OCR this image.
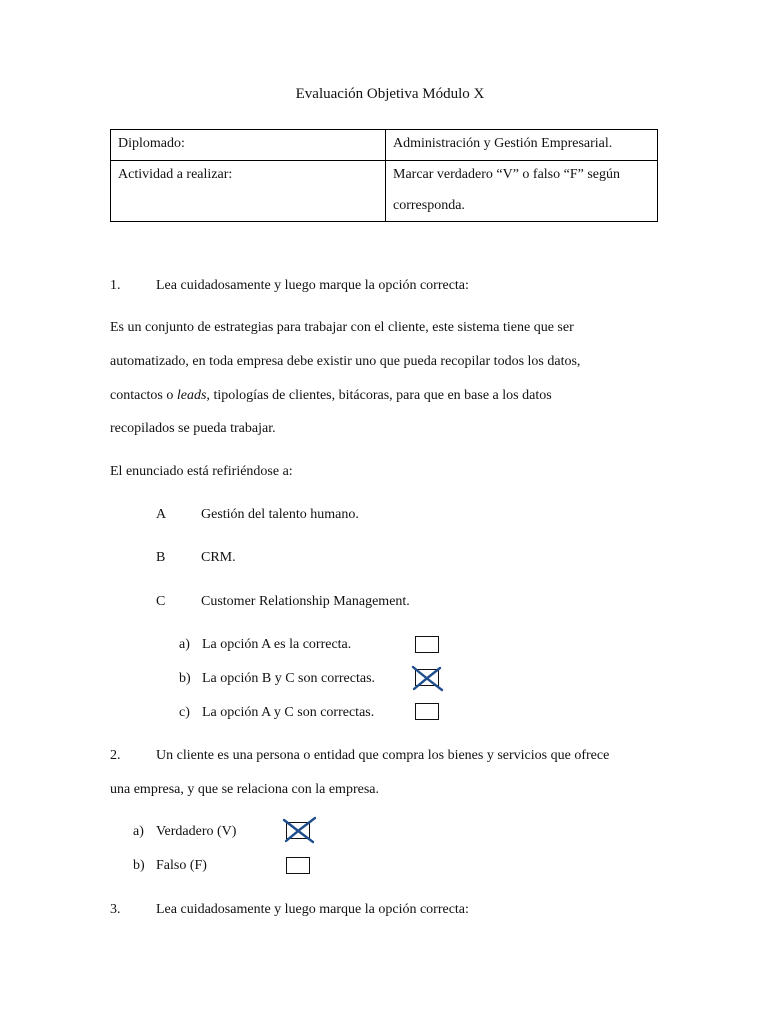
Evaluación Objetiva Módulo X
Diplomado:	Administración y Gestión Empresarial.
Actividad a realizar:	Marcar verdadero “V” o falso “F” según
corresponda.
1.	Lea cuidadosamente y luego marque la opción correcta:
Es un conjunto de estrategias para trabajar con el cliente, este sistema tiene que ser
automatizado, en toda empresa debe existir uno que pueda recopilar todos los datos,
contactos o leads, tipologías de clientes, bitácoras, para que en base a los datos
recopilados se pueda trabajar.
El enunciado está refiriéndose a:
A Gestión del talento humano.
B	CRM.
C	Customer Relationship Management.
a) La opción A es la correcta.
b) La opción B y C son correctas.
c) La opción A y C son correctas.
2.	Un cliente es una persona o entidad que compra los bienes y servicios que ofrece
una empresa, y que se relaciona con la empresa.
a) Verdadero (V)
b) Falso (F)
3.	Lea cuidadosamente y luego marque la opción correcta:
